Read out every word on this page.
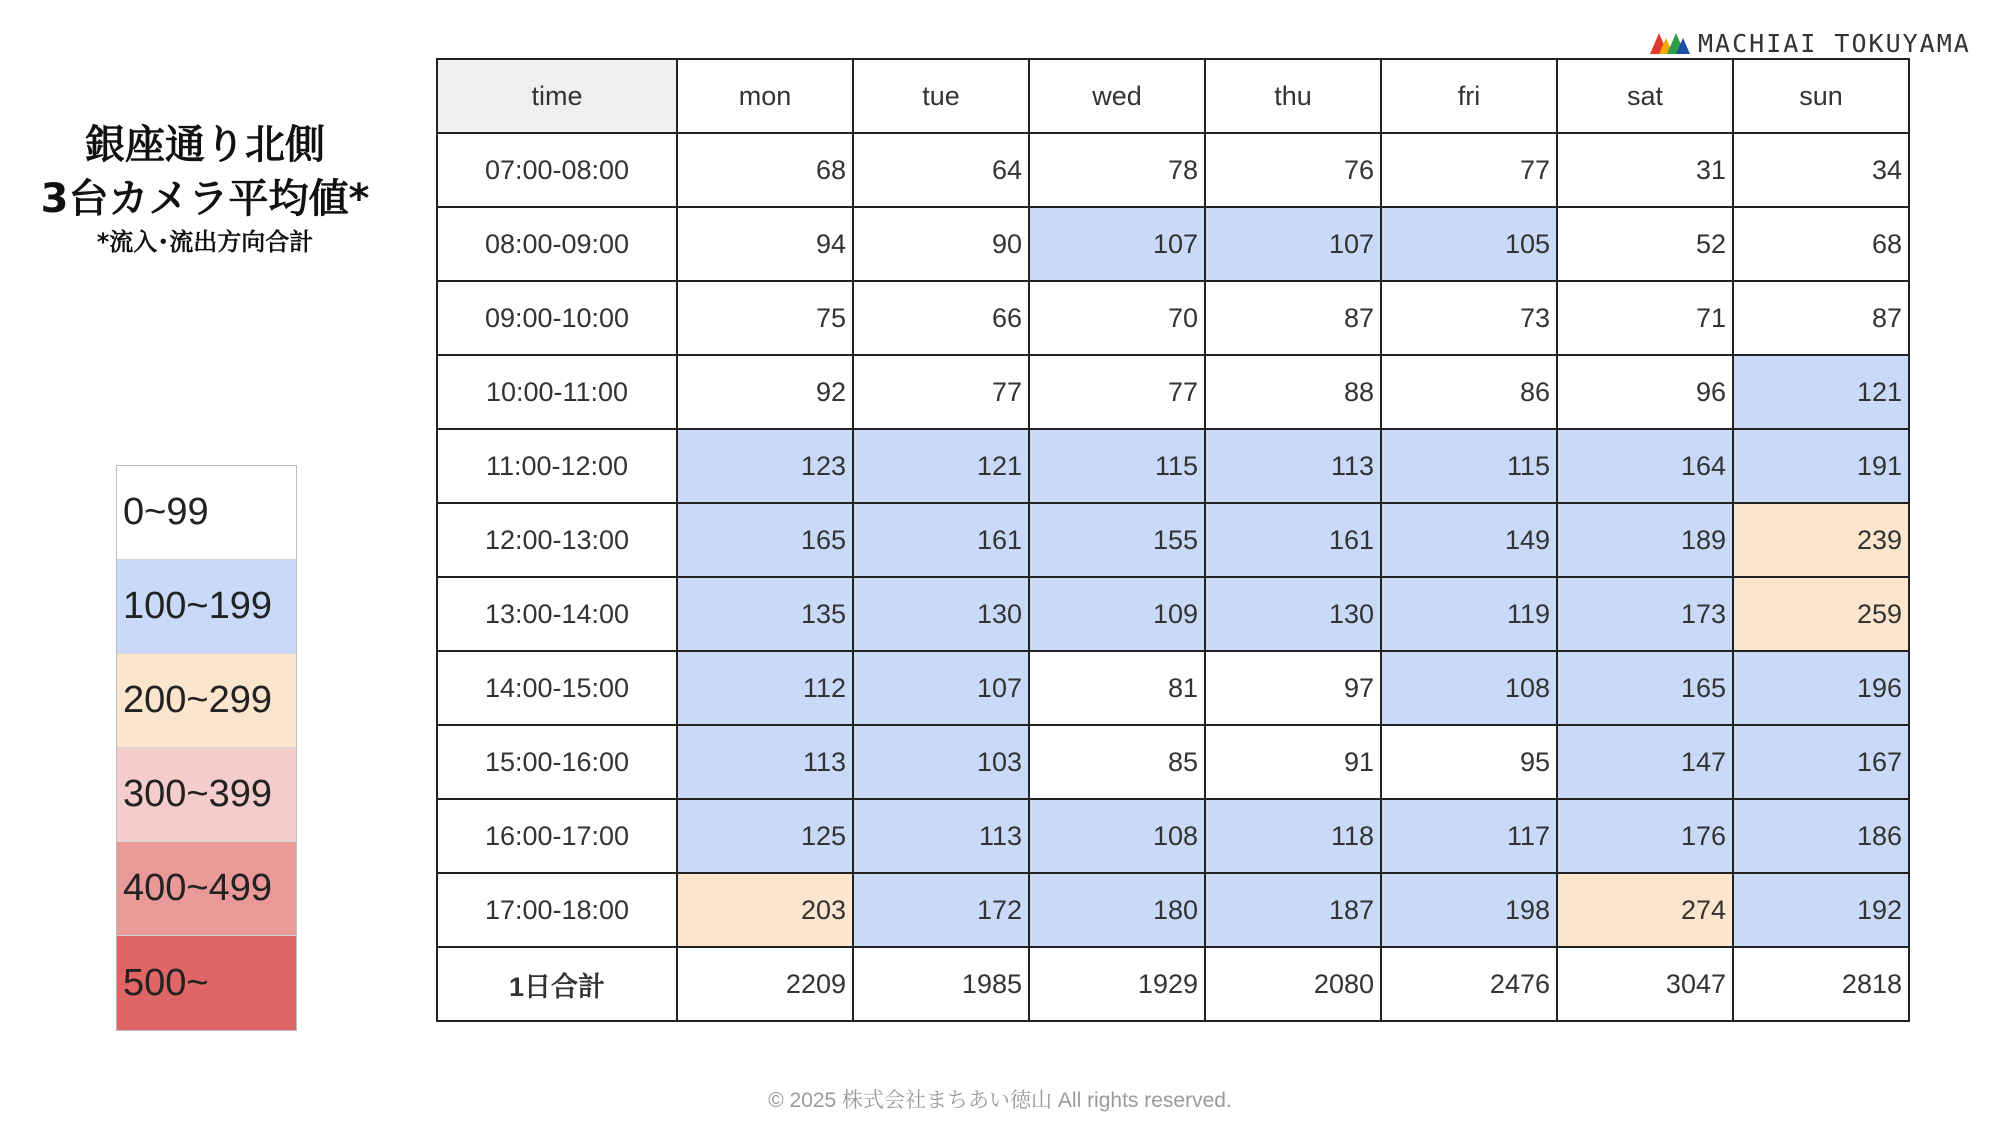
MACHIAI TOKUYAMA
銀座通り北側
3台カメラ平均値*
*流入･流出方向合計
0~99
100~199
200~299
300~399
400~499
500~
time	mon	tue	wed	thu	fri	sat	sun
07:00-08:00	68	64	78	76	77	31	34
08:00-09:00	94	90	107	107	105	52	68
09:00-10:00	75	66	70	87	73	71	87
10:00-11:00	92	77	77	88	86	96	121
11:00-12:00	123	121	115	113	115	164	191
12:00-13:00	165	161	155	161	149	189	239
13:00-14:00	135	130	109	130	119	173	259
14:00-15:00	112	107	81	97	108	165	196
15:00-16:00	113	103	85	91	95	147	167
16:00-17:00	125	113	108	118	117	176	186
17:00-18:00	203	172	180	187	198	274	192
1日合計	2209	1985	1929	2080	2476	3047	2818
© 2025 株式会社まちあい徳山 All rights reserved.
